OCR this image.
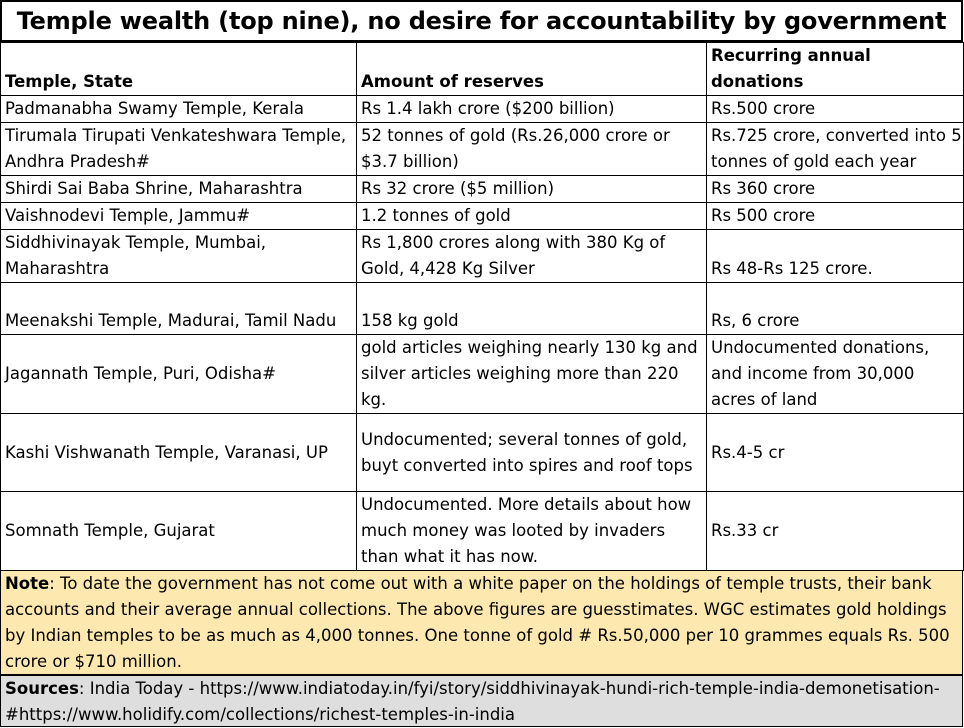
Temple wealth (top nine), no desire for accountability by government
Temple, State	Amount of reserves	Recurring annual donations
Padmanabha Swamy Temple, Kerala	Rs 1.4 lakh crore ($200 billion)	Rs.500 crore
Tirumala Tirupati Venkateshwara Temple, Andhra Pradesh#	52 tonnes of gold (Rs.26,000 crore or $3.7 billion)	Rs.725 crore, converted into 5 tonnes of gold each year
Shirdi Sai Baba Shrine, Maharashtra	Rs 32 crore ($5 million)	Rs 360 crore
Vaishnodevi Temple, Jammu#	1.2 tonnes of gold	Rs 500 crore
Siddhivinayak Temple, Mumbai, Maharashtra	Rs 1,800 crores along with 380 Kg of Gold, 4,428 Kg Silver	Rs 48-Rs 125 crore.
Meenakshi Temple, Madurai, Tamil Nadu	158 kg gold	Rs, 6 crore
Jagannath Temple, Puri, Odisha#	gold articles weighing nearly 130 kg and silver articles weighing more than 220 kg.	Undocumented donations, and income from 30,000 acres of land
Kashi Vishwanath Temple, Varanasi, UP	Undocumented; several tonnes of gold, buyt converted into spires and roof tops	Rs.4-5 cr
Somnath Temple, Gujarat	Undocumented. More details about how much money was looted by invaders than what it has now.	Rs.33 cr
Note: To date the government has not come out with a white paper on the holdings of temple trusts, their bank accounts and their average annual collections. The above figures are guesstimates. WGC estimates gold holdings by Indian temples to be as much as 4,000 tonnes. One tonne of gold # Rs.50,000 per 10 grammes equals Rs. 500 crore or $710 million.
Sources: India Today - https://www.indiatoday.in/fyi/story/siddhivinayak-hundi-rich-temple-india-demonetisation-
#https://www.holidify.com/collections/richest-temples-in-india
